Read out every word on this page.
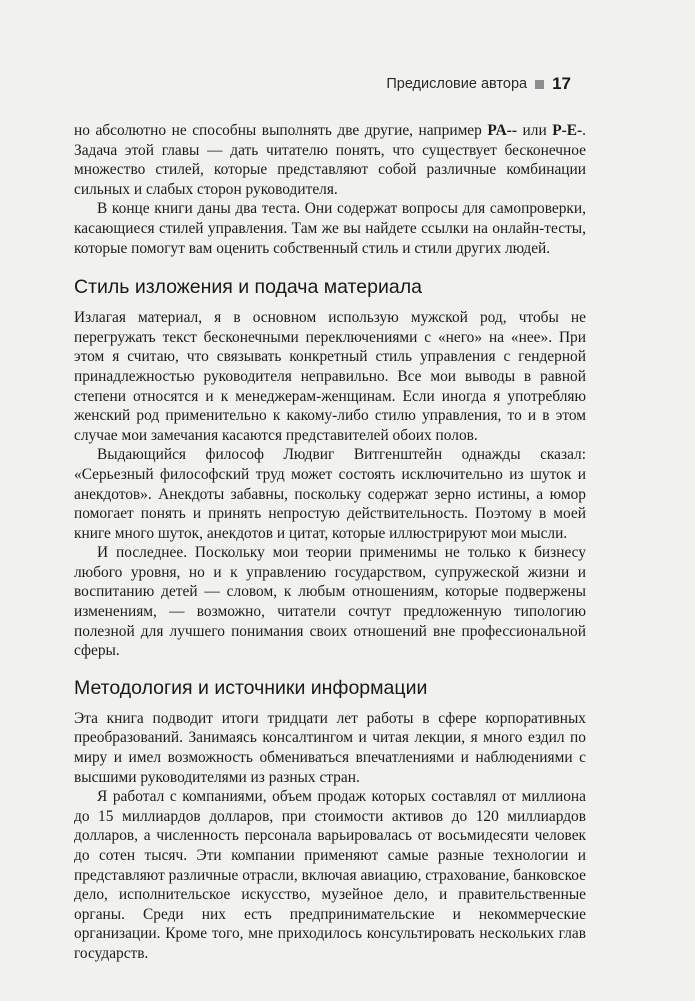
Предисловие автора 17

но абсолютно не способны выполнять две другие, например PA-- или P-E-. Задача этой главы — дать читателю понять, что существует бесконечное множество стилей, которые представляют собой различные комбинации сильных и слабых сторон руководителя.

В конце книги даны два теста. Они содержат вопросы для самопроверки, касающиеся стилей управления. Там же вы найдете ссылки на онлайн-тесты, которые помогут вам оценить собственный стиль и стили других людей.

Стиль изложения и подача материала

Излагая материал, я в основном использую мужской род, чтобы не перегружать текст бесконечными переключениями с «него» на «нее». При этом я считаю, что связывать конкретный стиль управления с гендерной принадлежностью руководителя неправильно. Все мои выводы в равной степени относятся и к менеджерам-женщинам. Если иногда я употребляю женский род применительно к какому-либо стилю управления, то и в этом случае мои замечания касаются представителей обоих полов.

Выдающийся философ Людвиг Витгенштейн однажды сказал: «Серьезный философский труд может состоять исключительно из шуток и анекдотов». Анекдоты забавны, поскольку содержат зерно истины, а юмор помогает понять и принять непростую действительность. Поэтому в моей книге много шуток, анекдотов и цитат, которые иллюстрируют мои мысли.

И последнее. Поскольку мои теории применимы не только к бизнесу любого уровня, но и к управлению государством, супружеской жизни и воспитанию детей — словом, к любым отношениям, которые подвержены изменениям, — возможно, читатели сочтут предложенную типологию полезной для лучшего понимания своих отношений вне профессиональной сферы.

Методология и источники информации

Эта книга подводит итоги тридцати лет работы в сфере корпоративных преобразований. Занимаясь консалтингом и читая лекции, я много ездил по миру и имел возможность обмениваться впечатлениями и наблюдениями с высшими руководителями из разных стран.

Я работал с компаниями, объем продаж которых составлял от миллиона до 15 миллиардов долларов, при стоимости активов до 120 миллиардов долларов, а численность персонала варьировалась от восьмидесяти человек до сотен тысяч. Эти компании применяют самые разные технологии и представляют различные отрасли, включая авиацию, страхование, банковское дело, исполнительское искусство, музейное дело, и правительственные органы. Среди них есть предпринимательские и некоммерческие организации. Кроме того, мне приходилось консультировать нескольких глав государств.
